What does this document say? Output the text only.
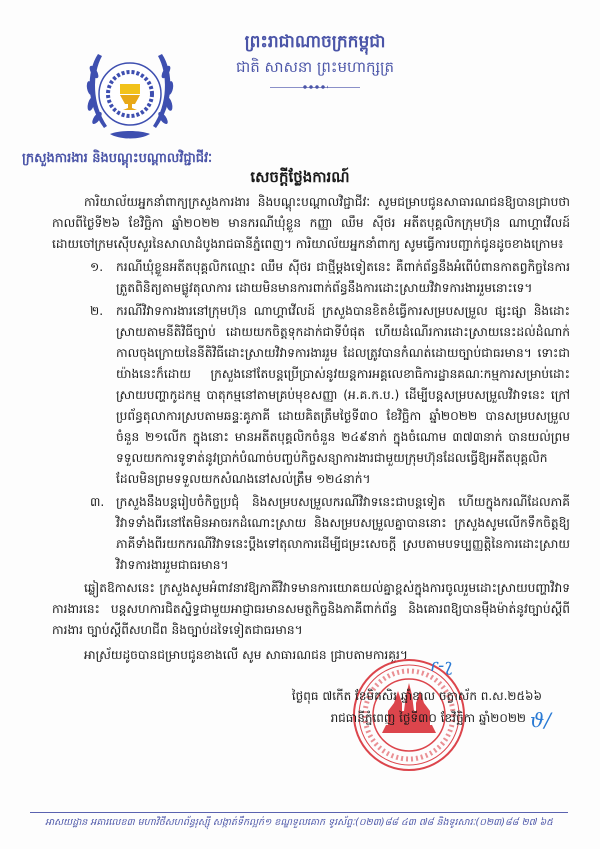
ព្រះរាជាណាចក្រកម្ពុជា
ជាតិ សាសនា ព្រះមហាក្សត្រ
ក្រសួងការងារ និងបណ្តុះបណ្តាលវិជ្ជាជីវៈ
សេចក្តីថ្លែងការណ៍

ការិយាល័យអ្នកនាំពាក្យក្រសួងការងារ និងបណ្តុះបណ្តាលវិជ្ជាជីវៈ សូមជម្រាបជូនសាធារណជនឱ្យបានជ្រាបថា កាលពីថ្ងៃទី២៦ ខែវិច្ឆិកា ឆ្នាំ២០២២ មានករណីឃុំខ្លួន កញ្ញា ឈឹម ស៊ីថរ អតីតបុគ្គលិកក្រុមហ៊ុន ណាហ្គាវើលដ៍ ដោយចៅក្រមស៊ើបសួរនៃសាលាដំបូងរាជធានីភ្នំពេញ។ ការិយាល័យអ្នកនាំពាក្យ សូមធ្វើការបញ្ជាក់ជូនដូចខាងក្រោម៖

១.	ករណីឃុំខ្លួនអតីតបុគ្គលិកឈ្មោះ ឈឹម ស៊ីថរ ជាថ្មីម្តងទៀតនេះ គឺពាក់ព័ន្ធនឹងអំពើបំពានកាតព្វកិច្ចនៃការត្រួតពិនិត្យតាមផ្លូវតុលាការ ដោយមិនមានការពាក់ព័ន្ធនឹងការដោះស្រាយវិវាទការងាររួមនោះទេ។
២.	ករណីវិវាទការងារនៅក្រុមហ៊ុន ណាហ្គាវើលដ៍ ក្រសួងបានខិតខំធ្វើការសម្របសម្រួល ផ្សះផ្សា និងដោះស្រាយតាមនីតិវិធីច្បាប់ ដោយយកចិត្តទុកដាក់ជាទីបំផុត ហើយដំណើរការដោះស្រាយនេះដល់ដំណាក់កាលចុងក្រោយនៃនីតិវិធីដោះស្រាយវិវាទការងាររួម ដែលត្រូវបានកំណត់ដោយច្បាប់ជាធរមាន។ ទោះជាយ៉ាងនេះក៏ដោយ ក្រសួងនៅតែបន្តប្រើប្រាស់នូវយន្តការអគ្គលេខាធិការដ្ឋានគណៈកម្មការសម្រាប់ដោះស្រាយបញ្ហាកូដកម្ម បាតុកម្មនៅតាមគ្រប់មុខសញ្ញា (អ.គ.ក.ប.) ដើម្បីបន្តសម្របសម្រួលវិវាទនេះ ក្រៅប្រព័ន្ធតុលាការស្របតាមឆន្ទៈគូភាគី ដោយគិតត្រឹមថ្ងៃទី៣០ ខែវិច្ឆិកា ឆ្នាំ២០២២ បានសម្របសម្រួលចំនួន ២១លើក ក្នុងនោះ មានអតីតបុគ្គលិកចំនួន ២៤៩នាក់ ក្នុងចំណោម ៣៧៣នាក់ បានយល់ព្រមទទួលយកការទូទាត់នូវប្រាក់បំណាច់បញ្ចប់កិច្ចសន្យាការងារជាមួយក្រុមហ៊ុនដែលធ្វើឱ្យអតីតបុគ្គលិកដែលមិនព្រមទទួលយកសំណងនៅសល់ត្រឹម ១២៤នាក់។
៣. ក្រសួងនឹងបន្តរៀបចំកិច្ចប្រជុំ និងសម្របសម្រួលករណីវិវាទនេះជាបន្តទៀត ហើយក្នុងករណីដែលភាគីវិវាទទាំងពីរនៅតែមិនអាចរកដំណោះស្រាយ និងសម្របសម្រួលគ្នាបាននោះ ក្រសួងសូមលើកទឹកចិត្តឱ្យភាគីទាំងពីរយកករណីវិវាទនេះប្តឹងទៅតុលាការដើម្បីជម្រះសេចក្តី ស្របតាមបទប្បញ្ញត្តិនៃការដោះស្រាយវិវាទការងាររួមជាធរមាន។

ឆ្លៀតឱកាសនេះ ក្រសួងសូមអំពាវនាវឱ្យភាគីវិវាទមានការយោគយល់គ្នាខ្ពស់ក្នុងការចូលរួមដោះស្រាយបញ្ហាវិវាទការងារនេះ បន្តសហការជិតស្និទ្ធជាមួយអាជ្ញាធរមានសមត្ថកិច្ចនិងភាគីពាក់ព័ន្ធ និងគោរពឱ្យបានម៉ឺងម៉ាត់នូវច្បាប់ស្តីពីការងារ ច្បាប់ស្តីពីសហជីព និងច្បាប់ដទៃទៀតជាធរមាន។

អាស្រ័យដូចបានជម្រាបជូនខាងលើ សូម សាធារណជន ជ្រាបតាមការគួរ។	ɾ-ʅ
ថ្ងៃពុធ ៧កើត ខែមិគសិរ ឆ្នាំខាល ចត្វាស័ក ព.ស.២៥៦៦
រាជធានីភ្នំពេញ ថ្ងៃទី៣០ ខែវិច្ឆិកា ឆ្នាំ២០២២ ϑ/
អាសយដ្ឋាន អគារលេខ៣ មហាវិថីសហព័ន្ធរុស្ស៊ី សង្កាត់ទឹកល្អក់១ ខណ្ឌទួលគោក ទូរស័ព្ទៈ(០២៣)៨៨ ៤៣ ៧៨ និងទូរសារៈ(០២៣)៨៨ ២៧ ៦៥
